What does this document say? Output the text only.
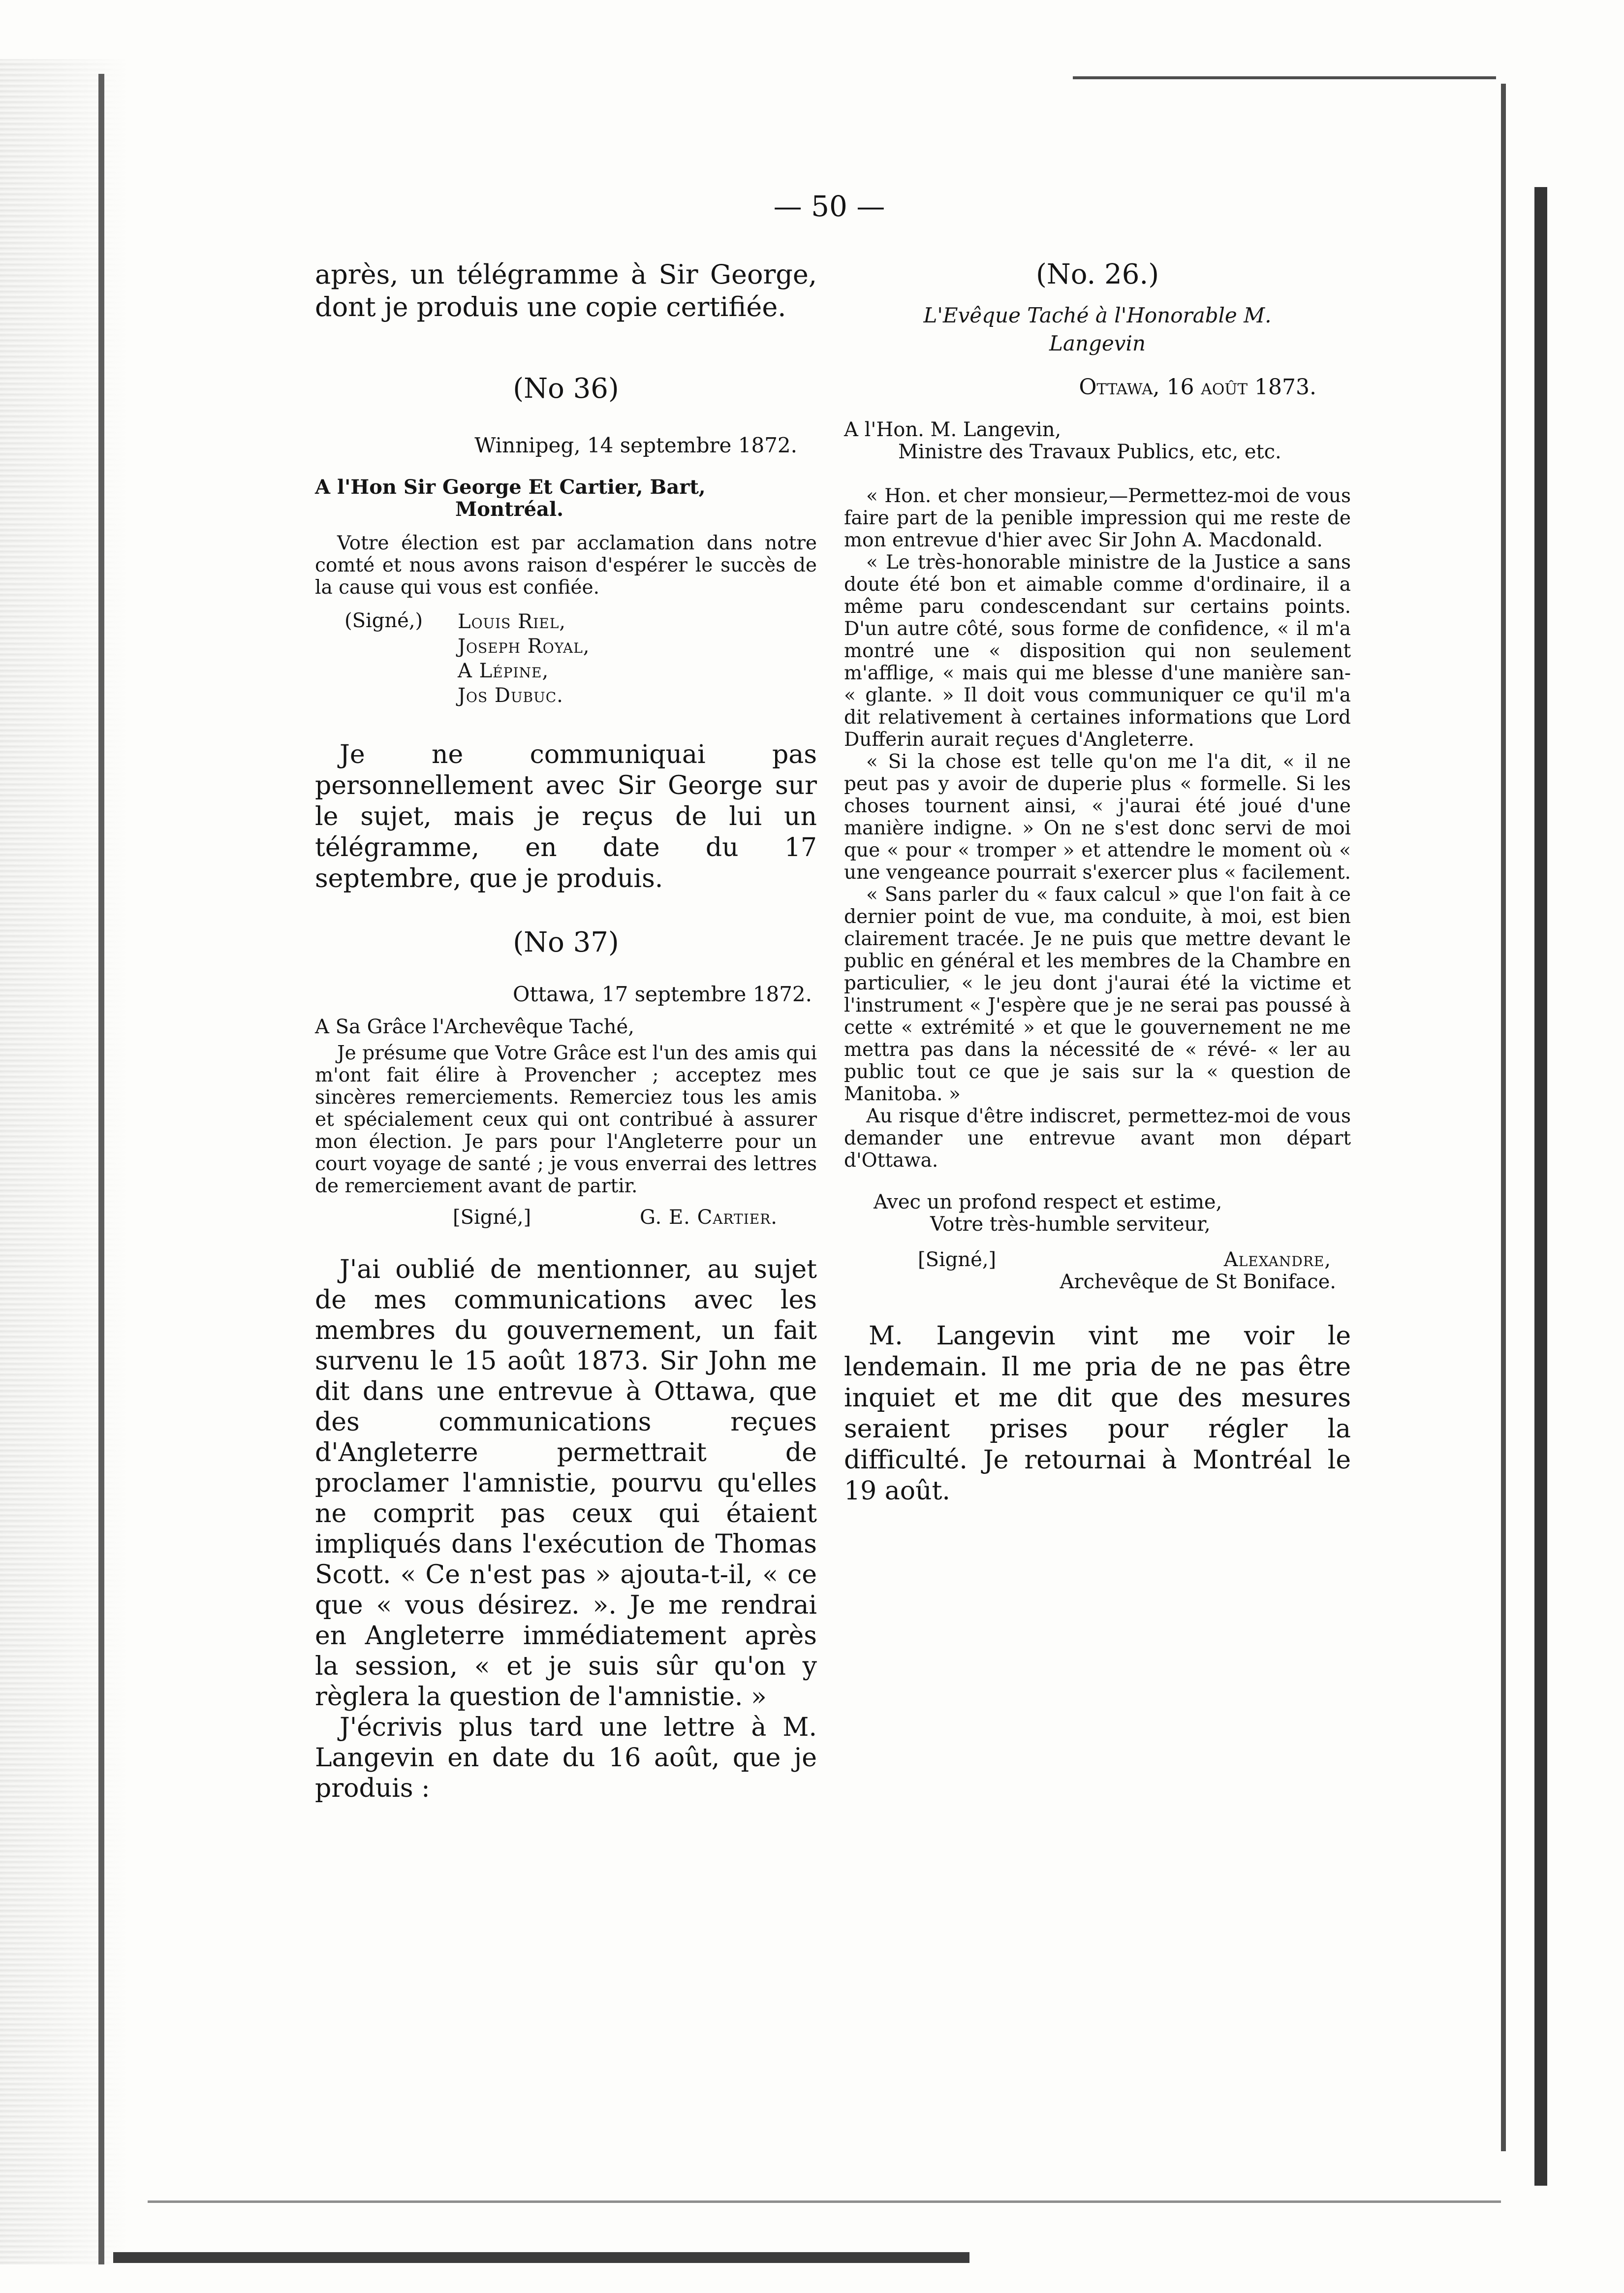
— 50 —

après, un télégramme à Sir George, dont je produis une copie certifiée.

(No 36)

Winnipeg, 14 septembre 1872.

A l'Hon Sir George Et Cartier, Bart,

Montréal.

Votre élection est par acclamation dans notre comté et nous avons raison d'espérer le succès de la cause qui vous est confiée.

(Signé,)	Louis Riel,
Joseph Royal,
A Lépine,
Jos Dubuc.

Je ne communiquai pas personnellement avec Sir George sur le sujet, mais je reçus de lui un télégramme, en date du 17 septembre, que je produis.

(No 37)

Ottawa, 17 septembre 1872.

A Sa Grâce l'Archevêque Taché,

Je présume que Votre Grâce est l'un des amis qui m'ont fait élire à Provencher ; acceptez mes sincères remerciements. Remerciez tous les amis et spécialement ceux qui ont contribué à assurer mon élection. Je pars pour l'Angleterre pour un court voyage de santé ; je vous enverrai des lettres de remerciement avant de partir.

[Signé,]	G. E. Cartier.

J'ai oublié de mentionner, au sujet de mes communications avec les membres du gouvernement, un fait survenu le 15 août 1873. Sir John me dit dans une entrevue à Ottawa, que des communications reçues d'Angleterre permettrait de proclamer l'amnistie, pourvu qu'elles ne comprit pas ceux qui étaient impliqués dans l'exécution de Thomas Scott. « Ce n'est pas » ajouta-t-il, « ce que « vous désirez. ». Je me rendrai en Angleterre immédiatement après la session, « et je suis sûr qu'on y règlera la question de l'amnistie. »

J'écrivis plus tard une lettre à M. Langevin en date du 16 août, que je produis :

(No. 26.)

L'Evêque Taché à l'Honorable M.

Langevin

Ottawa, 16 août 1873.

A l'Hon. M. Langevin,

Ministre des Travaux Publics, etc, etc.

« Hon. et cher monsieur,—Permettez-moi de vous faire part de la penible impression qui me reste de mon entrevue d'hier avec Sir John A. Macdonald.

« Le très-honorable ministre de la Justice a sans doute été bon et aimable comme d'ordinaire, il a même paru condescendant sur certains points. D'un autre côté, sous forme de confidence, « il m'a montré une « disposition qui non seulement m'afflige, « mais qui me blesse d'une manière san- « glante. » Il doit vous communiquer ce qu'il m'a dit relativement à certaines informations que Lord Dufferin aurait reçues d'Angleterre.

« Si la chose est telle qu'on me l'a dit, « il ne peut pas y avoir de duperie plus « formelle. Si les choses tournent ainsi, « j'aurai été joué d'une manière indigne. » On ne s'est donc servi de moi que « pour « tromper » et attendre le moment où « une vengeance pourrait s'exercer plus « facilement.

« Sans parler du « faux calcul » que l'on fait à ce dernier point de vue, ma conduite, à moi, est bien clairement tracée. Je ne puis que mettre devant le public en général et les membres de la Chambre en particulier, « le jeu dont j'aurai été la victime et l'instrument « J'espère que je ne serai pas poussé à cette « extrémité » et que le gouvernement ne me mettra pas dans la nécessité de « révé- « ler au public tout ce que je sais sur la « question de Manitoba. »

Au risque d'être indiscret, permettez-moi de vous demander une entrevue avant mon départ d'Ottawa.

Avec un profond respect et estime,

Votre très-humble serviteur,

[Signé,]	Alexandre,

Archevêque de St Boniface.

M. Langevin vint me voir le lendemain. Il me pria de ne pas être inquiet et me dit que des mesures seraient prises pour régler la difficulté. Je retournai à Montréal le 19 août.
